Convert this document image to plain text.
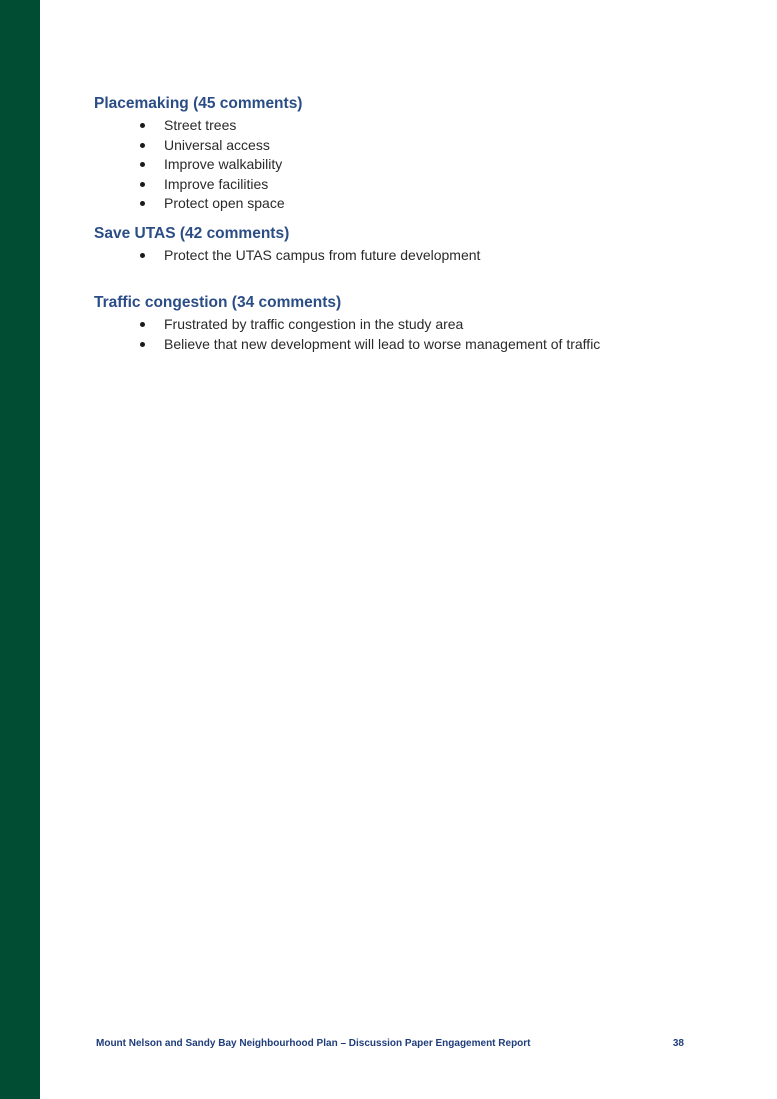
Placemaking (45 comments)
Street trees
Universal access
Improve walkability
Improve facilities
Protect open space
Save UTAS (42 comments)
Protect the UTAS campus from future development
Traffic congestion (34 comments)
Frustrated by traffic congestion in the study area
Believe that new development will lead to worse management of traffic
Mount Nelson and Sandy Bay Neighbourhood Plan – Discussion Paper Engagement Report	38
